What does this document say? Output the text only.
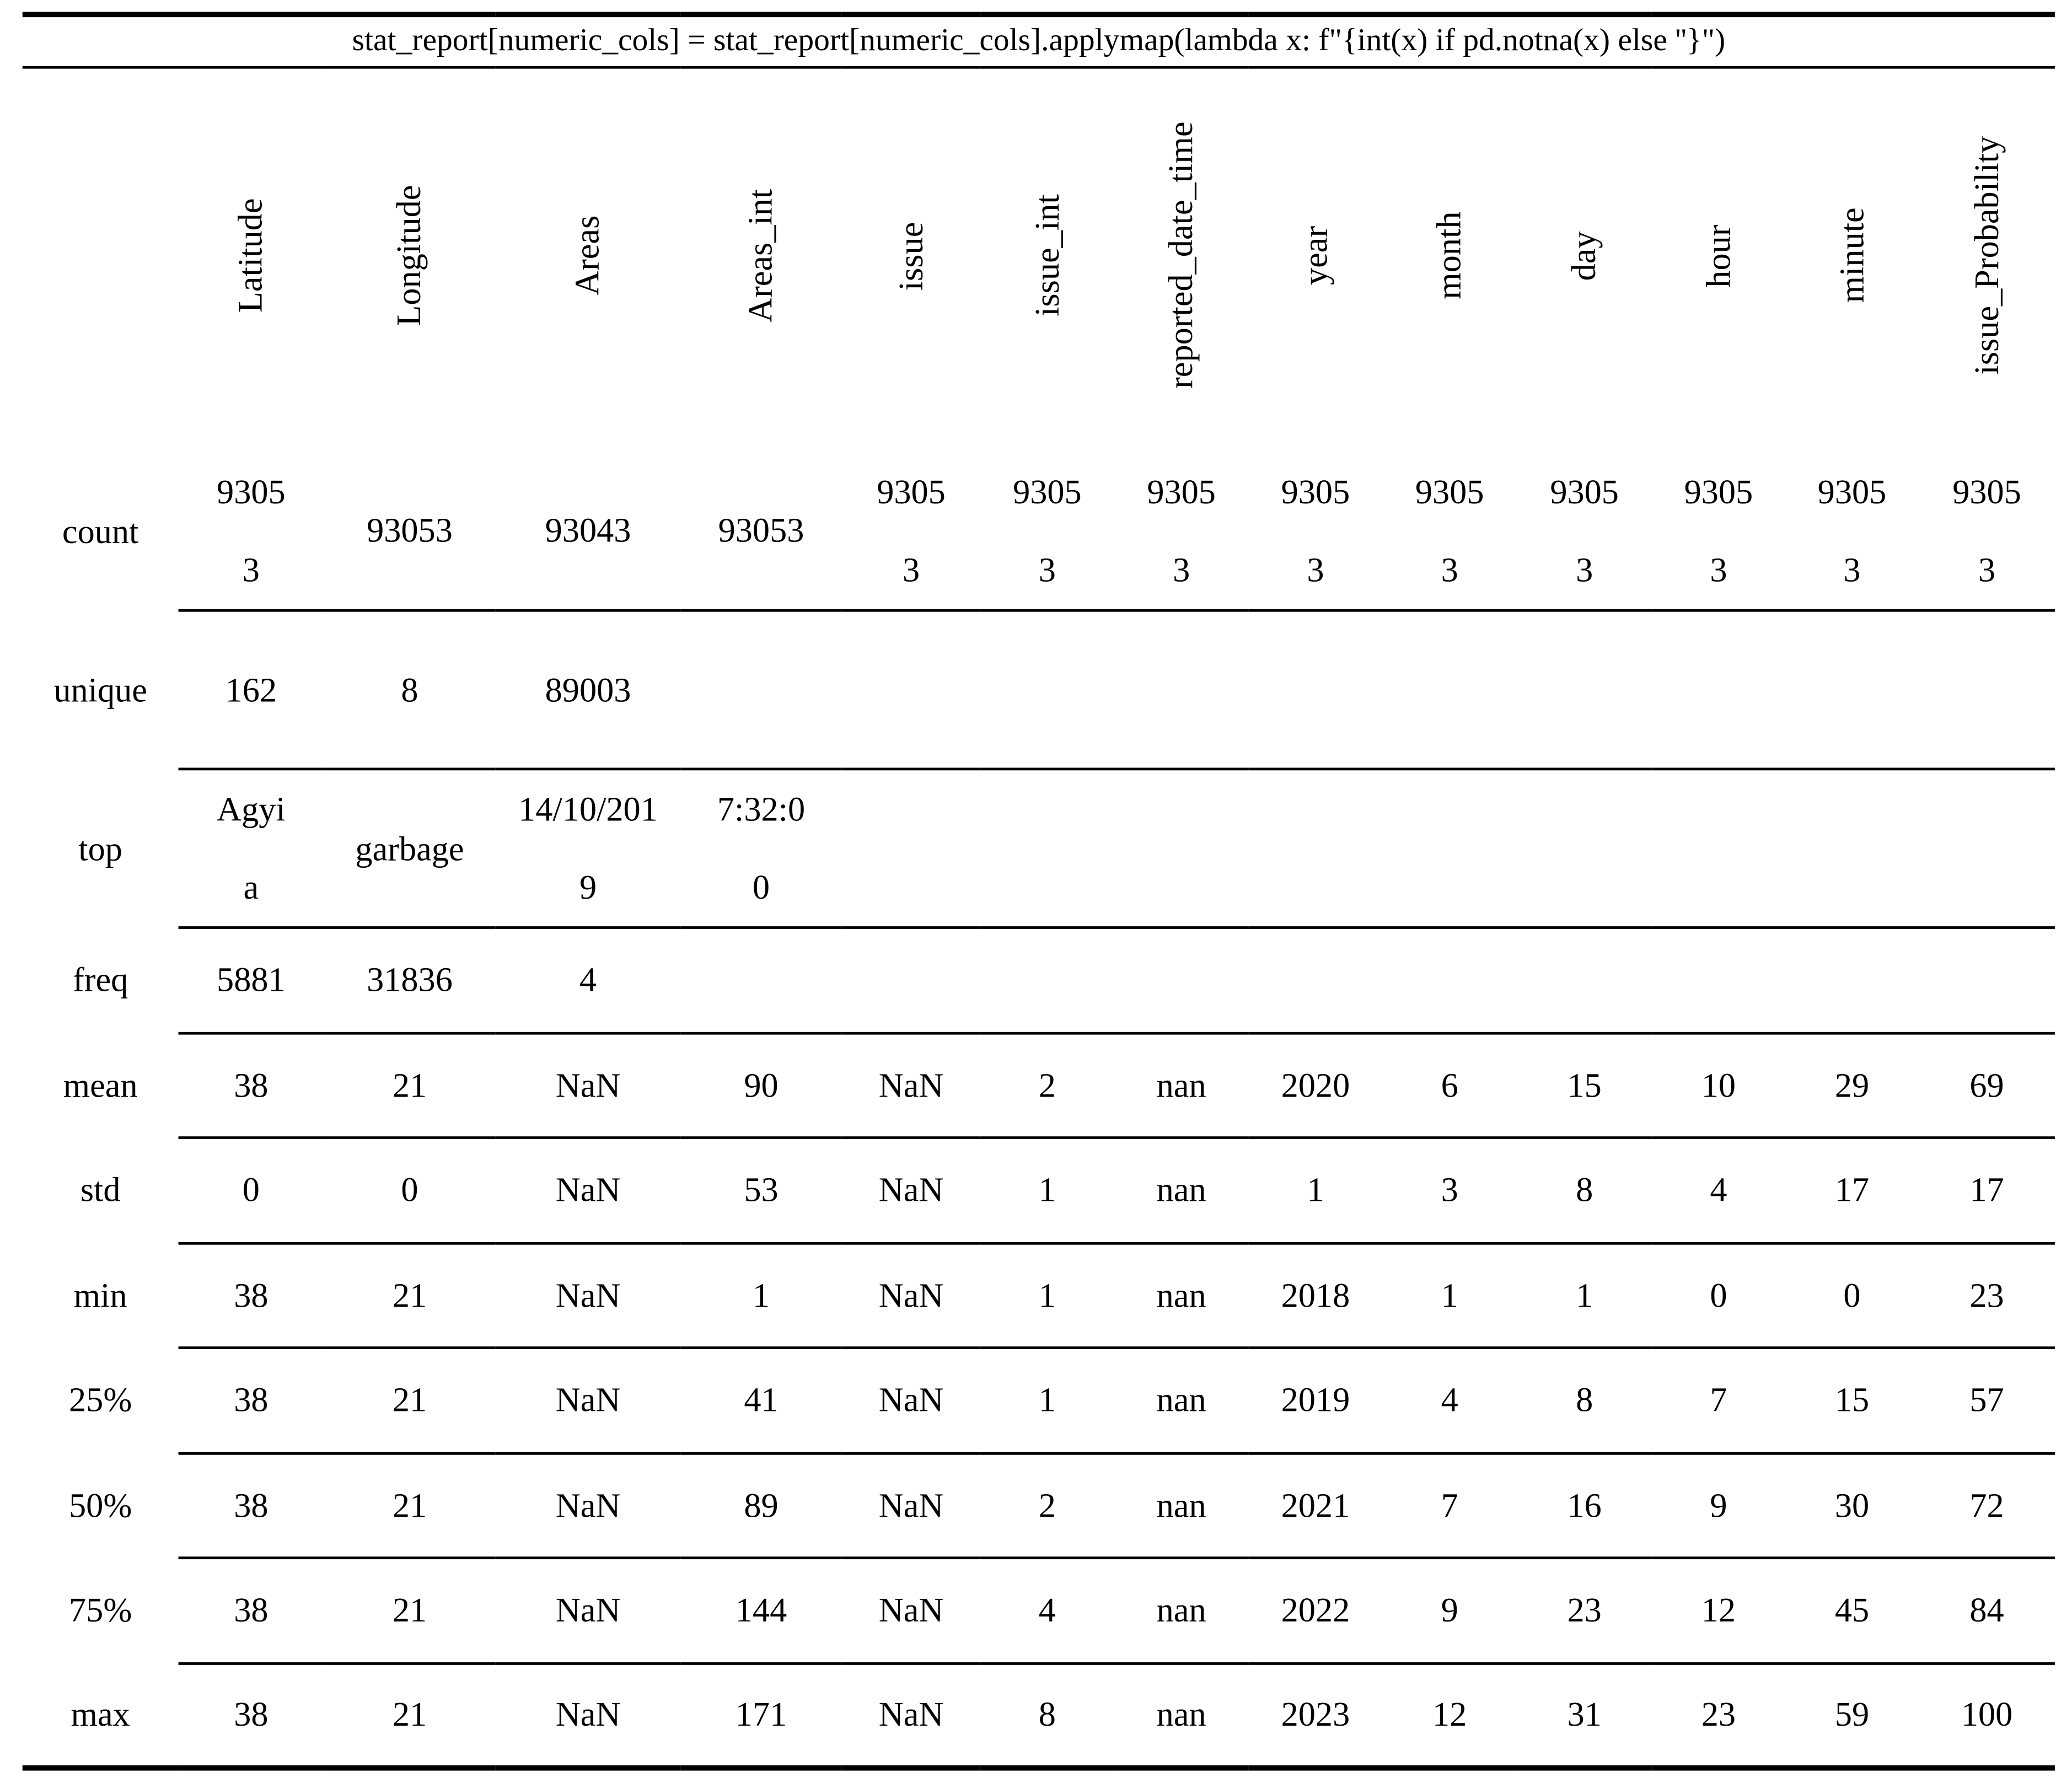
stat_report[numeric_cols] = stat_report[numeric_cols].applymap(lambda x: f"{int(x) if pd.notna(x) else ''}")													
	Latitude	Longitude	Areas	Areas_int	issue	issue_int	reported_date_time	year	month	day	hour	minute	issue_Probability
count	93053	93053	93043	93053	93053	93053	93053	93053	93053	93053	93053	93053	93053
unique	162	8	89003										
top	Agyia	garbage	14/10/2019	7:32:00									
freq	5881	31836	4										
mean	38	21	NaN	90	NaN	2	nan	2020	6	15	10	29	69
std	0	0	NaN	53	NaN	1	nan	1	3	8	4	17	17
min	38	21	NaN	1	NaN	1	nan	2018	1	1	0	0	23
25%	38	21	NaN	41	NaN	1	nan	2019	4	8	7	15	57
50%	38	21	NaN	89	NaN	2	nan	2021	7	16	9	30	72
75%	38	21	NaN	144	NaN	4	nan	2022	9	23	12	45	84
max	38	21	NaN	171	NaN	8	nan	2023	12	31	23	59	100
